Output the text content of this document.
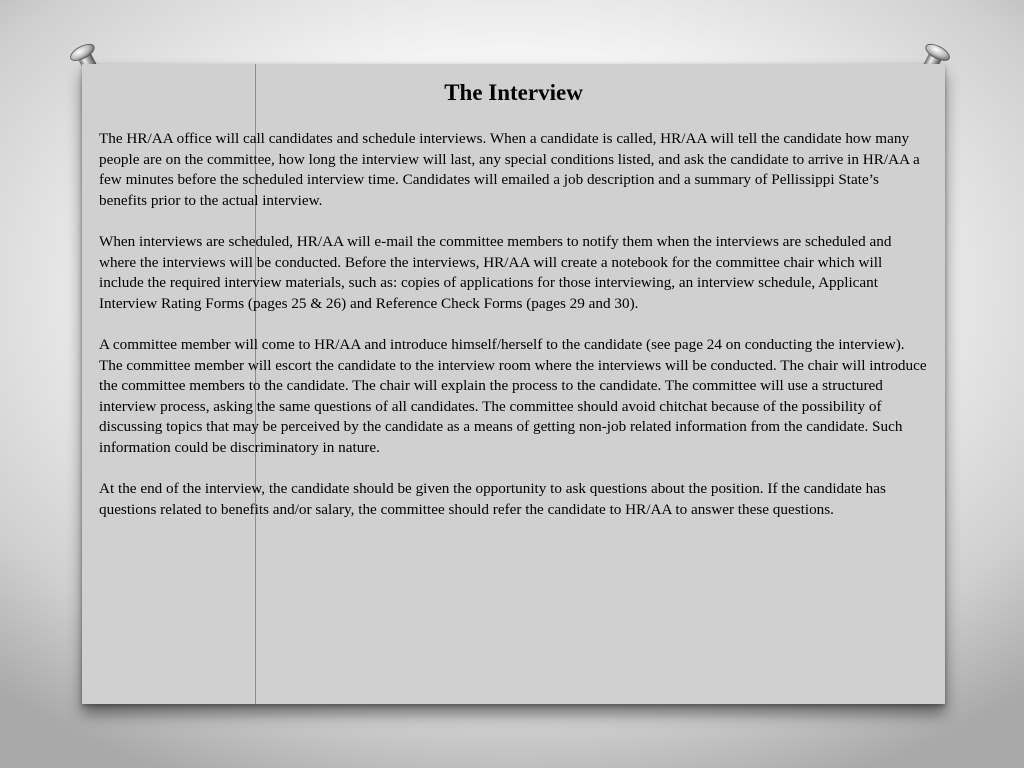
The Interview

The HR/AA office will call candidates and schedule interviews. When a candidate is called, HR/AA will tell the candidate how many people are on the committee, how long the interview will last, any special conditions listed, and ask the candidate to arrive in HR/AA a few minutes before the scheduled interview time. Candidates will emailed a job description and a summary of Pellissippi State’s benefits prior to the actual interview.

When interviews are scheduled, HR/AA will e-mail the committee members to notify them when the interviews are scheduled and where the interviews will be conducted. Before the interviews, HR/AA will create a notebook for the committee chair which will include the required interview materials, such as: copies of applications for those interviewing, an interview schedule, Applicant Interview Rating Forms (pages 25 & 26) and Reference Check Forms (pages 29 and 30).

A committee member will come to HR/AA and introduce himself/herself to the candidate (see page 24 on conducting the interview). The committee member will escort the candidate to the interview room where the interviews will be conducted. The chair will introduce the committee members to the candidate. The chair will explain the process to the candidate. The committee will use a structured interview process, asking the same questions of all candidates. The committee should avoid chitchat because of the possibility of discussing topics that may be perceived by the candidate as a means of getting non-job related information from the candidate. Such information could be discriminatory in nature.

At the end of the interview, the candidate should be given the opportunity to ask questions about the position. If the candidate has questions related to benefits and/or salary, the committee should refer the candidate to HR/AA to answer these questions.
